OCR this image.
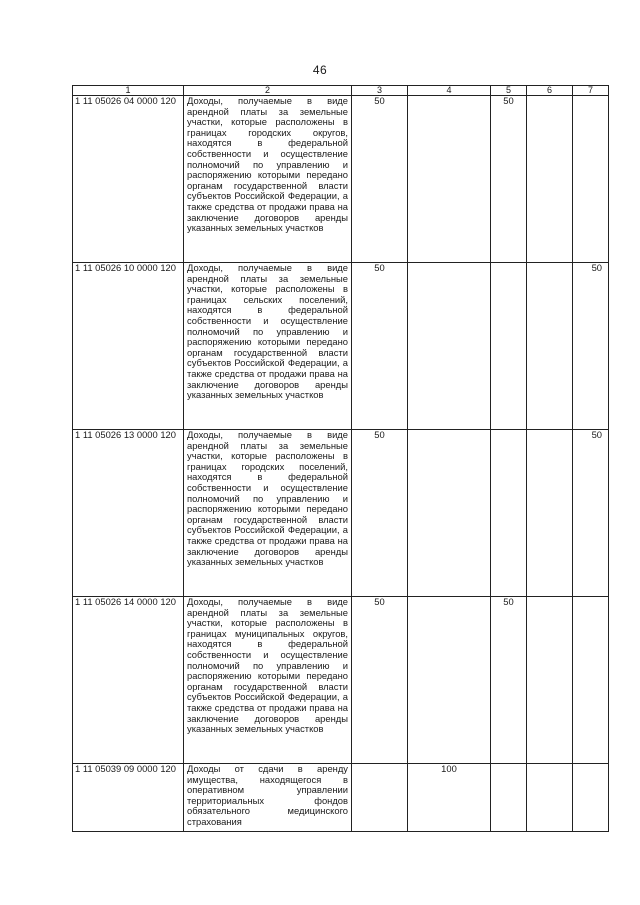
46
1	2	3	4	5	6	7
1 11 05026 04 0000 120	Доходы, получаемые в виде арендной платы за земельные участки, которые расположены в границах городских округов, находятся в федеральной собственности и осуществление полномочий по управлению и распоряжению которыми передано органам государственной власти субъектов Российской Федерации, а также средства от продажи права на заключение договоров аренды указанных земельных участков	50		50		
1 11 05026 10 0000 120	Доходы, получаемые в виде арендной платы за земельные участки, которые расположены в границах сельских поселений, находятся в федеральной собственности и осуществление полномочий по управлению и распоряжению которыми передано органам государственной власти субъектов Российской Федерации, а также средства от продажи права на заключение договоров аренды указанных земельных участков	50				50
1 11 05026 13 0000 120	Доходы, получаемые в виде арендной платы за земельные участки, которые расположены в границах городских поселений, находятся в федеральной собственности и осуществление полномочий по управлению и распоряжению которыми передано органам государственной власти субъектов Российской Федерации, а также средства от продажи права на заключение договоров аренды указанных земельных участков	50				50
1 11 05026 14 0000 120	Доходы, получаемые в виде арендной платы за земельные участки, которые расположены в границах муниципальных округов, находятся в федеральной собственности и осуществление полномочий по управлению и распоряжению которыми передано органам государственной власти субъектов Российской Федерации, а также средства от продажи права на заключение договоров аренды указанных земельных участков	50		50		
1 11 05039 09 0000 120	Доходы от сдачи в аренду имущества, находящегося в оперативном управлении территориальных фондов обязательного медицинского страхования		100			
